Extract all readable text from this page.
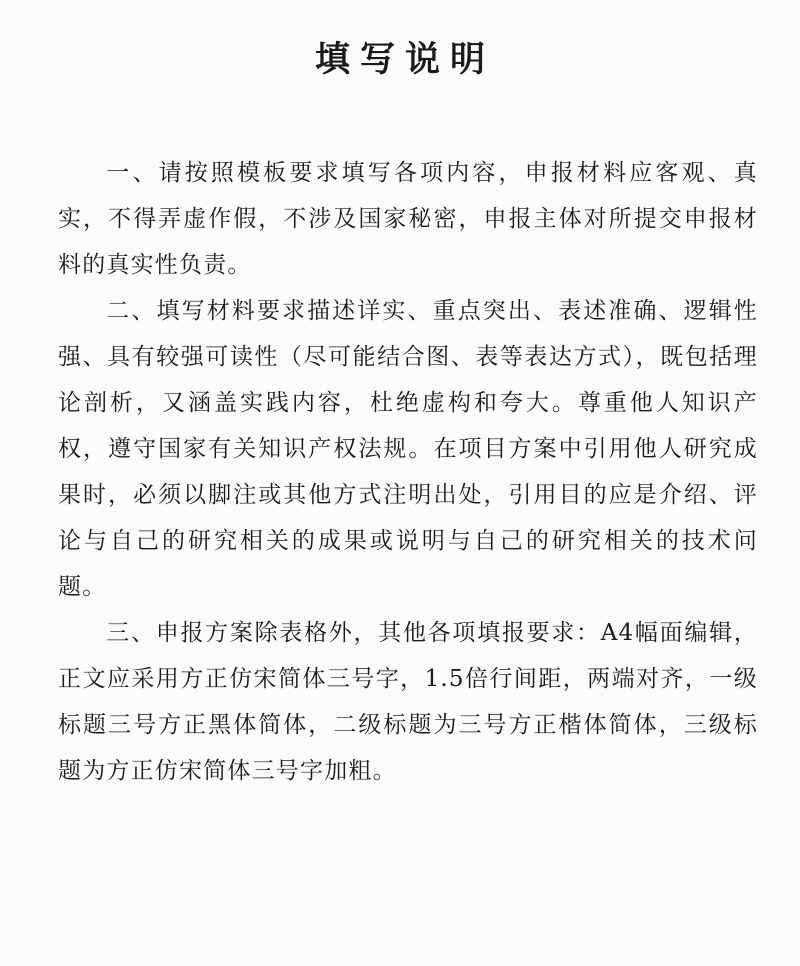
填写说明

一、请按照模板要求填写各项内容，申报材料应客观、真实，不得弄虚作假，不涉及国家秘密，申报主体对所提交申报材料的真实性负责。

二、填写材料要求描述详实、重点突出、表述准确、逻辑性强、具有较强可读性（尽可能结合图、表等表达方式），既包括理论剖析，又涵盖实践内容，杜绝虚构和夸大。尊重他人知识产权，遵守国家有关知识产权法规。在项目方案中引用他人研究成果时，必须以脚注或其他方式注明出处，引用目的应是介绍、评论与自己的研究相关的成果或说明与自己的研究相关的技术问题。

三、申报方案除表格外，其他各项填报要求：A4幅面编辑，正文应采用方正仿宋简体三号字，1.5倍行间距，两端对齐，一级标题三号方正黑体简体，二级标题为三号方正楷体简体，三级标题为方正仿宋简体三号字加粗。
